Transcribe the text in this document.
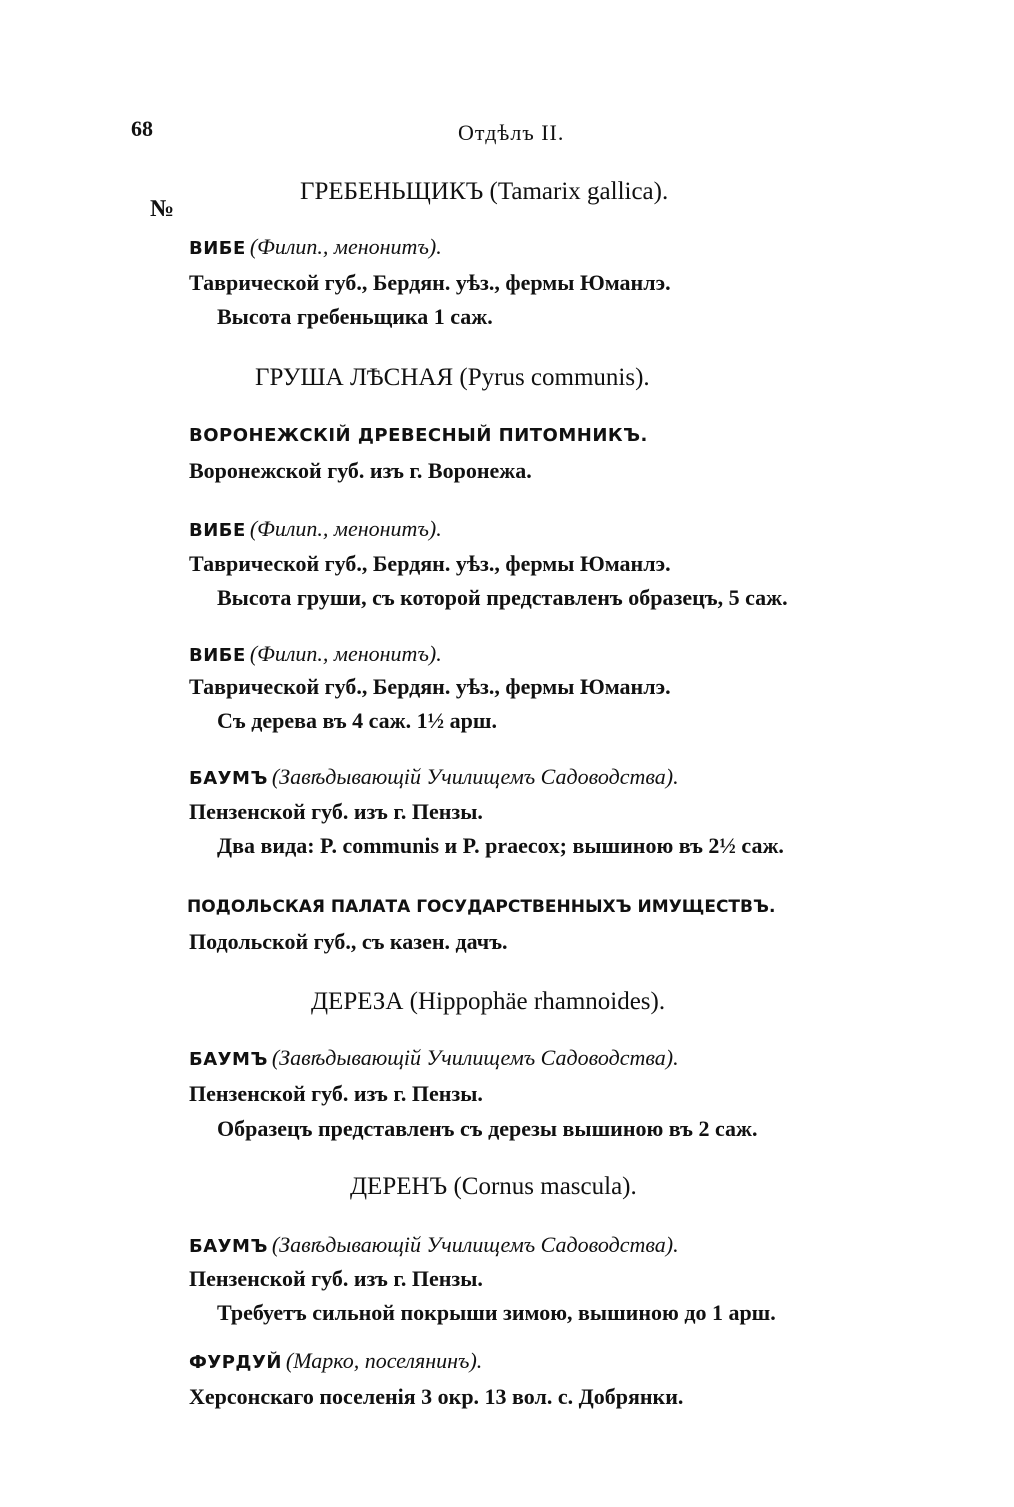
68	Отдѣлъ II.
№
ГРЕБЕНЬЩИКЪ (Tamarix gallica).
ВИБЕ (Филип., менонитъ).
Таврической губ., Бердян. уѣз., фермы Юманлэ.
Высота гребеньщика 1 саж.
ГРУША ЛѢСНАЯ (Pyrus communis).
ВОРОНЕЖСКІЙ ДРЕВЕСНЫЙ ПИТОМНИКЪ.
Воронежской губ. изъ г. Воронежа.
ВИБЕ (Филип., менонитъ).
Таврической губ., Бердян. уѣз., фермы Юманлэ.
Высота груши, съ которой представленъ образецъ, 5 саж.
ВИБЕ (Филип., менонитъ).
Таврической губ., Бердян. уѣз., фермы Юманлэ.
Съ дерева въ 4 саж. 1½ арш.
БАУМЪ (Завѣдывающій Училищемъ Садоводства).
Пензенской губ. изъ г. Пензы.
Два вида: P. communis и P. praecox; вышиною въ 2½ саж.
ПОДОЛЬСКАЯ ПАЛАТА ГОСУДАРСТВЕННЫХЪ ИМУЩЕСТВЪ.
Подольской губ., съ казен. дачъ.
ДЕРЕЗА (Hippophäe rhamnoides).
БАУМЪ (Завѣдывающій Училищемъ Садоводства).
Пензенской губ. изъ г. Пензы.
Образецъ представленъ съ дерезы вышиною въ 2 саж.
ДЕРЕНЪ (Cornus mascula).
БАУМЪ (Завѣдывающій Училищемъ Садоводства).
Пензенской губ. изъ г. Пензы.
Требуетъ сильной покрыши зимою, вышиною до 1 арш.
ФУРДУЙ (Марко, поселянинъ).
Херсонскаго поселенія 3 окр. 13 вол. с. Добрянки.
